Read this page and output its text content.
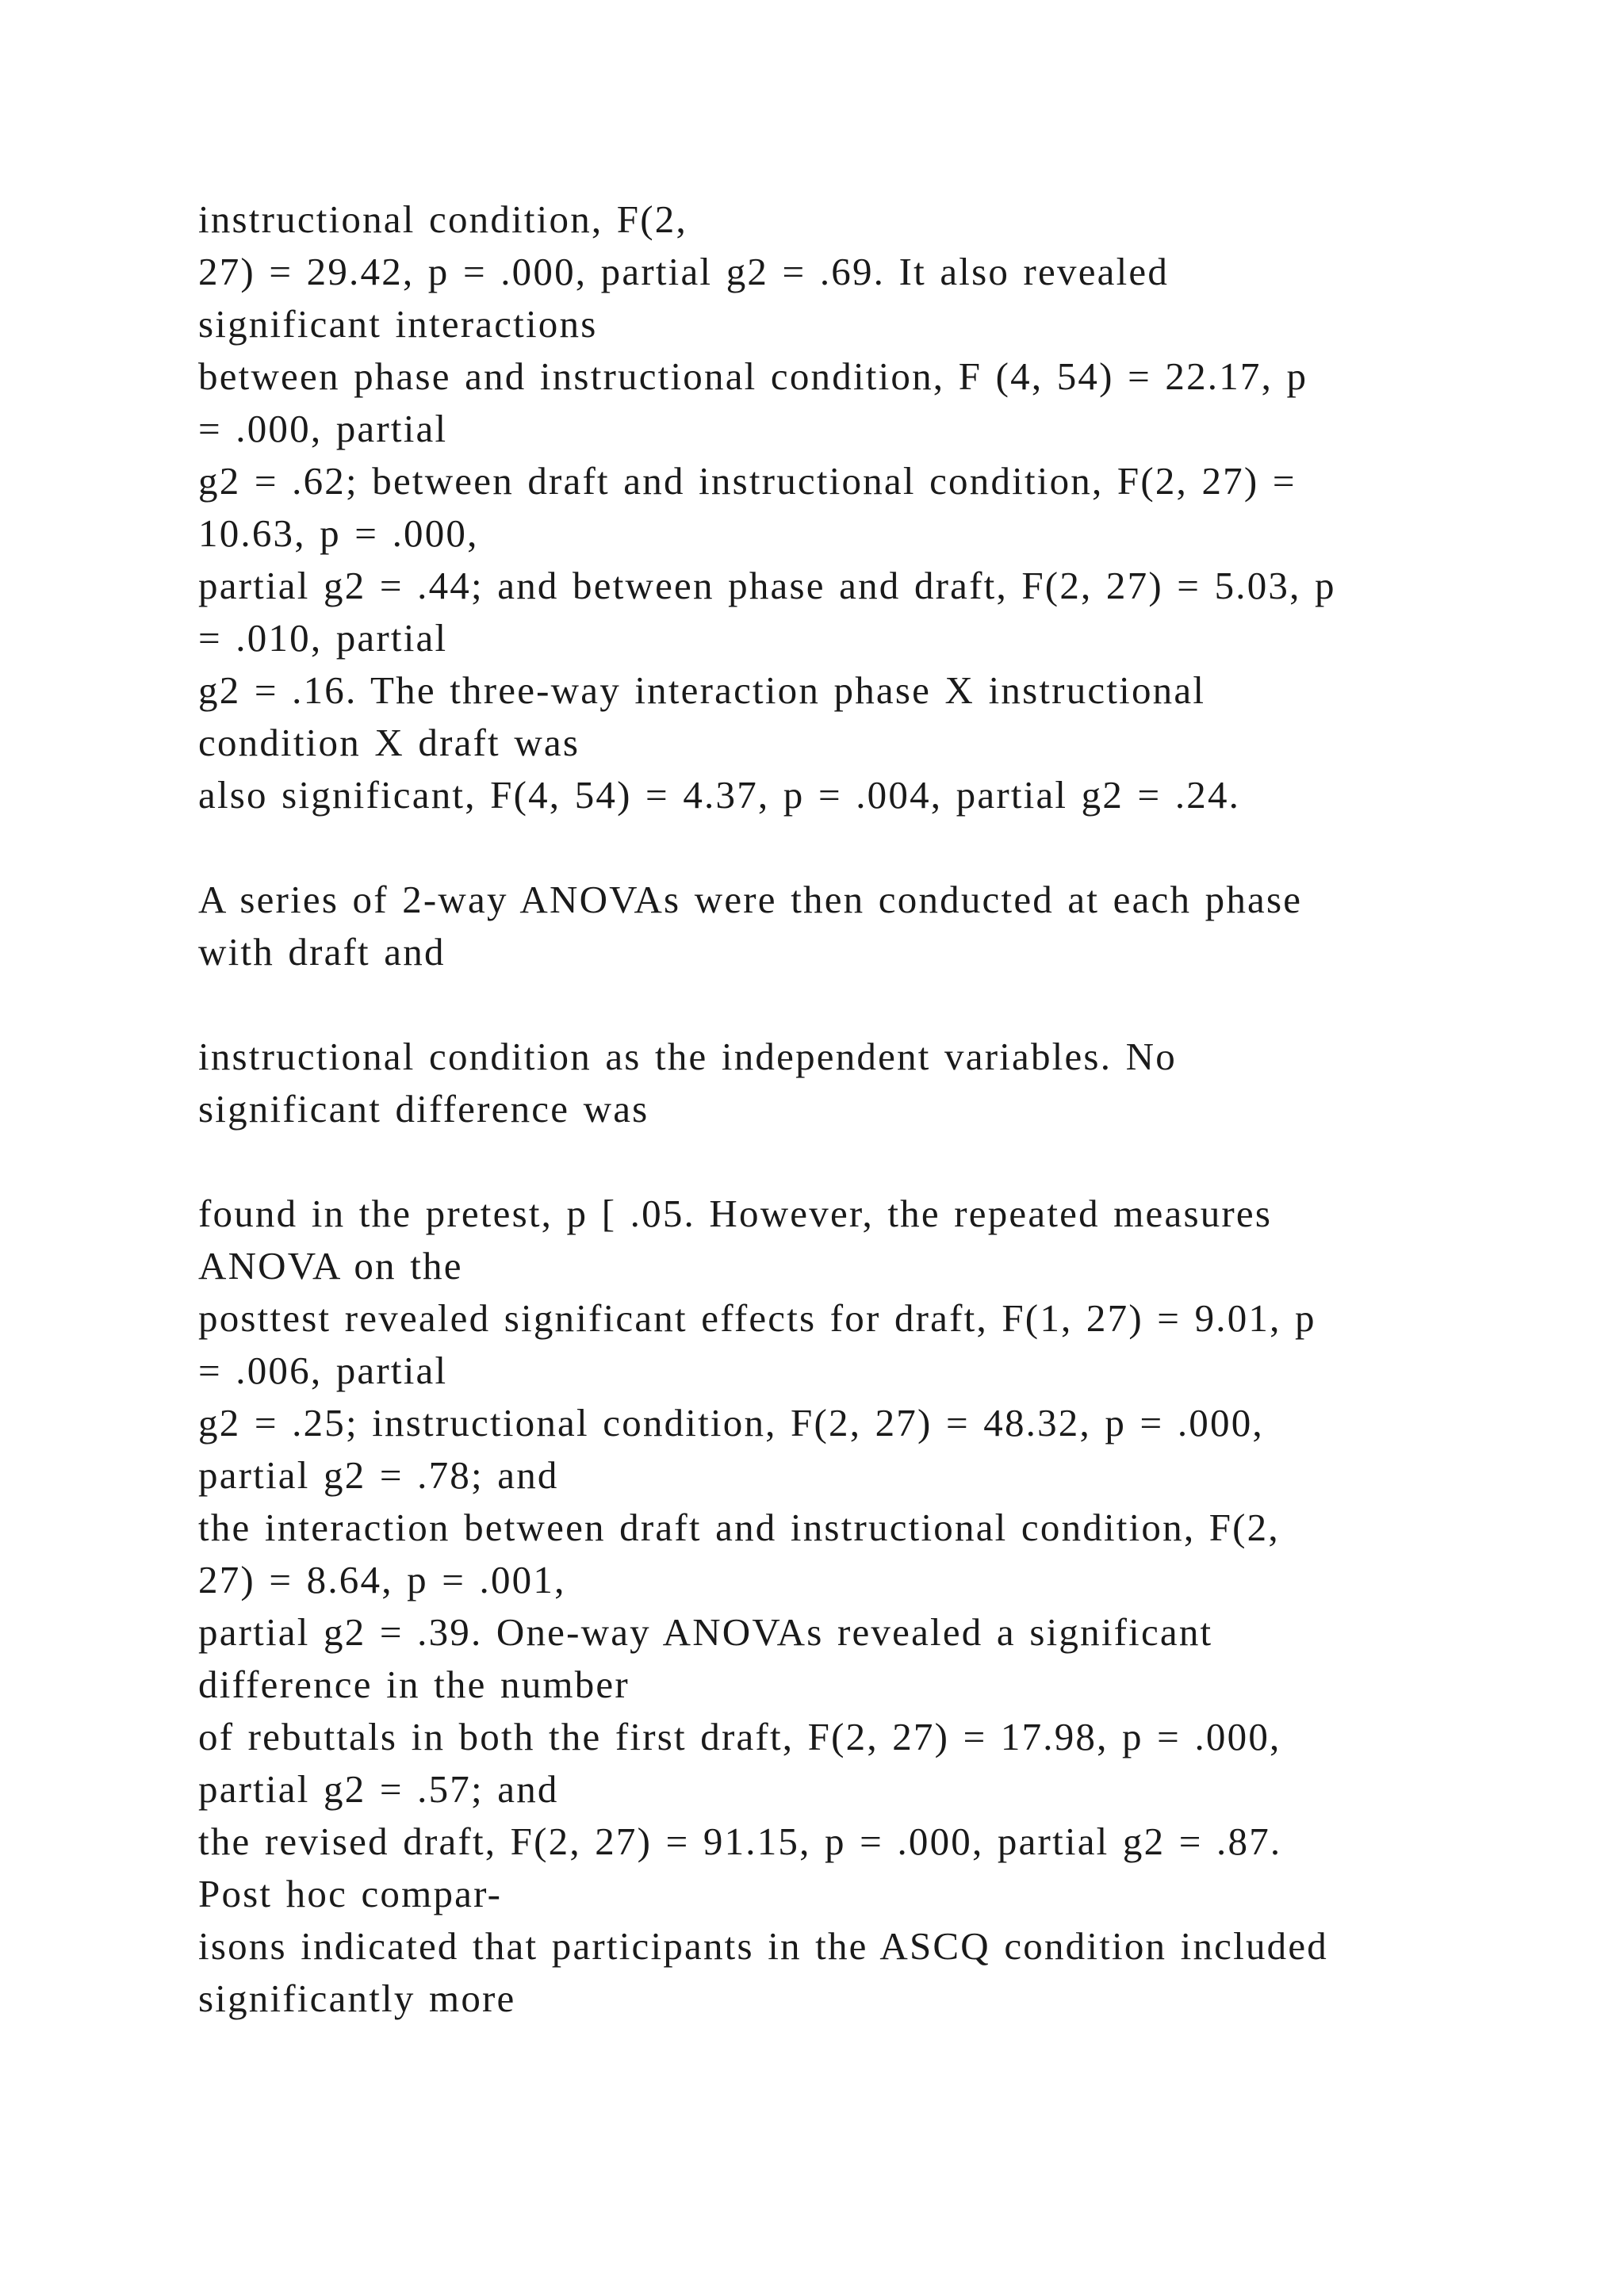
instructional condition, F(2,
27) = 29.42, p = .000, partial g2 = .69. It also revealed
significant interactions
between phase and instructional condition, F (4, 54) = 22.17, p
= .000, partial
g2 = .62; between draft and instructional condition, F(2, 27) =
10.63, p = .000,
partial g2 = .44; and between phase and draft, F(2, 27) = 5.03, p
= .010, partial
g2 = .16. The three-way interaction phase X instructional
condition X draft was
also significant, F(4, 54) = 4.37, p = .004, partial g2 = .24.
A series of 2-way ANOVAs were then conducted at each phase
with draft and
instructional condition as the independent variables. No
significant difference was
found in the pretest, p [ .05. However, the repeated measures
ANOVA on the
posttest revealed significant effects for draft, F(1, 27) = 9.01, p
= .006, partial
g2 = .25; instructional condition, F(2, 27) = 48.32, p = .000,
partial g2 = .78; and
the interaction between draft and instructional condition, F(2,
27) = 8.64, p = .001,
partial g2 = .39. One-way ANOVAs revealed a significant
difference in the number
of rebuttals in both the first draft, F(2, 27) = 17.98, p = .000,
partial g2 = .57; and
the revised draft, F(2, 27) = 91.15, p = .000, partial g2 = .87.
Post hoc compar-
isons indicated that participants in the ASCQ condition included
significantly more
